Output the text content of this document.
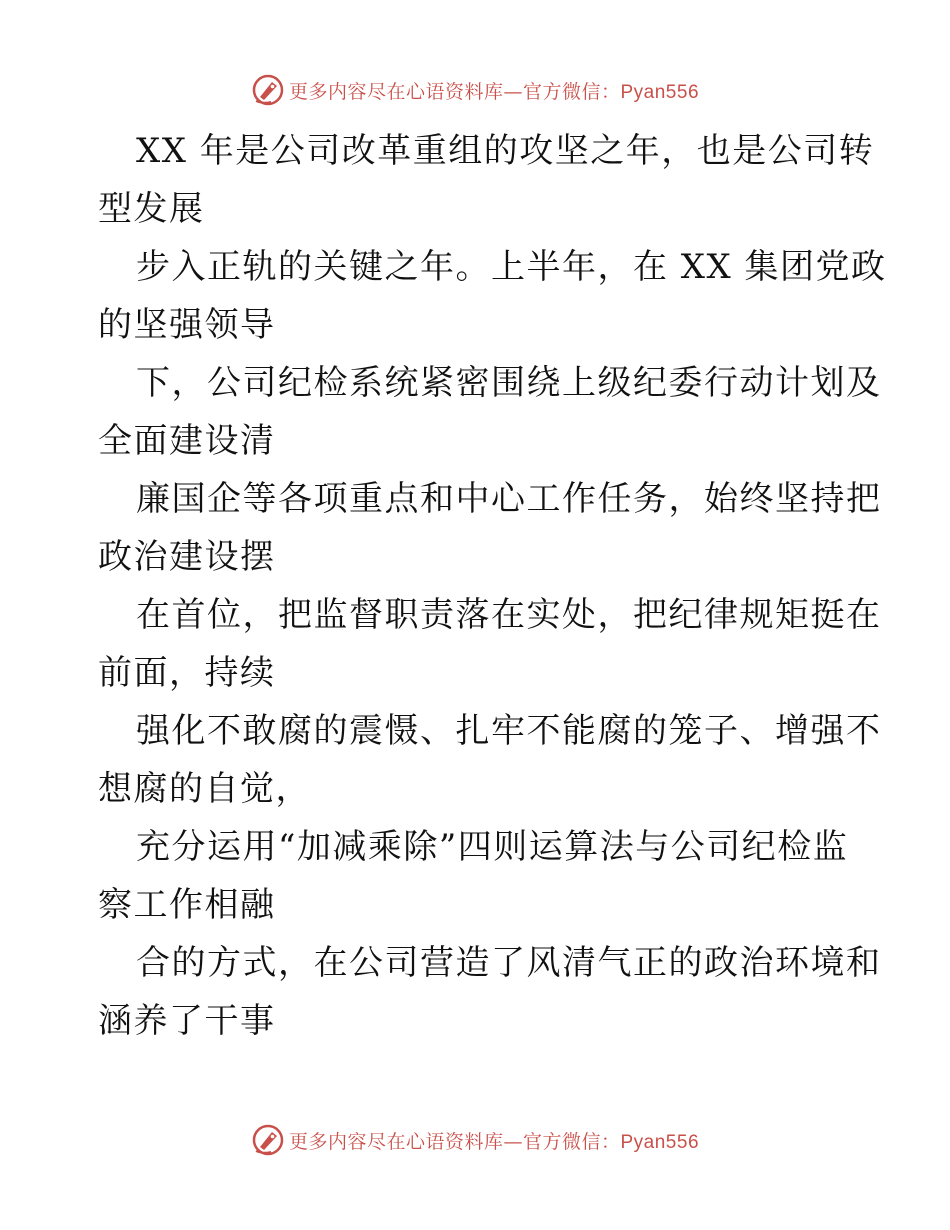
更多内容尽在心语资料库—官方微信：Pyan556
XX 年是公司改革重组的攻坚之年，也是公司转
型发展
步入正轨的关键之年。上半年，在 XX 集团党政
的坚强领导
下，公司纪检系统紧密围绕上级纪委行动计划及
全面建设清
廉国企等各项重点和中心工作任务，始终坚持把
政治建设摆
在首位，把监督职责落在实处，把纪律规矩挺在
前面，持续
强化不敢腐的震慑、扎牢不能腐的笼子、增强不
想腐的自觉，
充分运用“加减乘除”四则运算法与公司纪检监
察工作相融
合的方式，在公司营造了风清气正的政治环境和
涵养了干事
更多内容尽在心语资料库—官方微信：Pyan556
